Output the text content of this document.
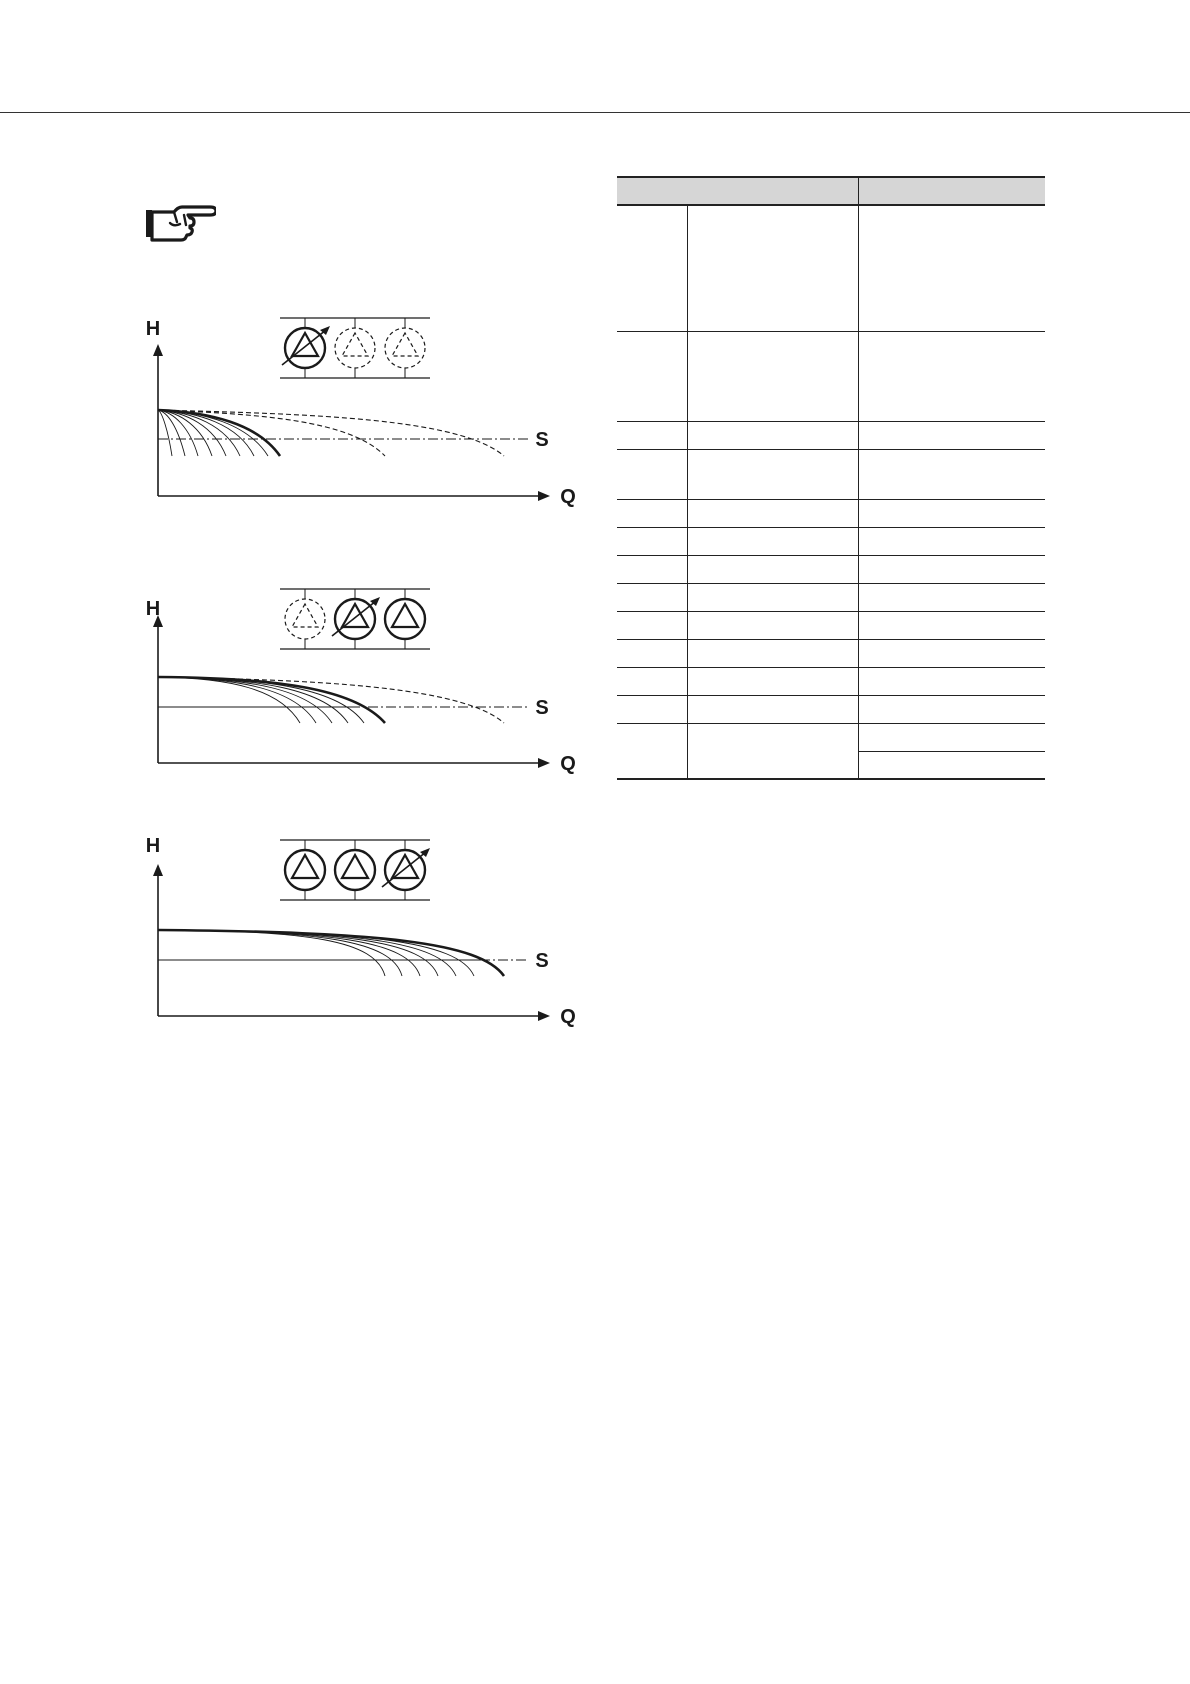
H
Q
S
H
Q
S
H
Q
S
